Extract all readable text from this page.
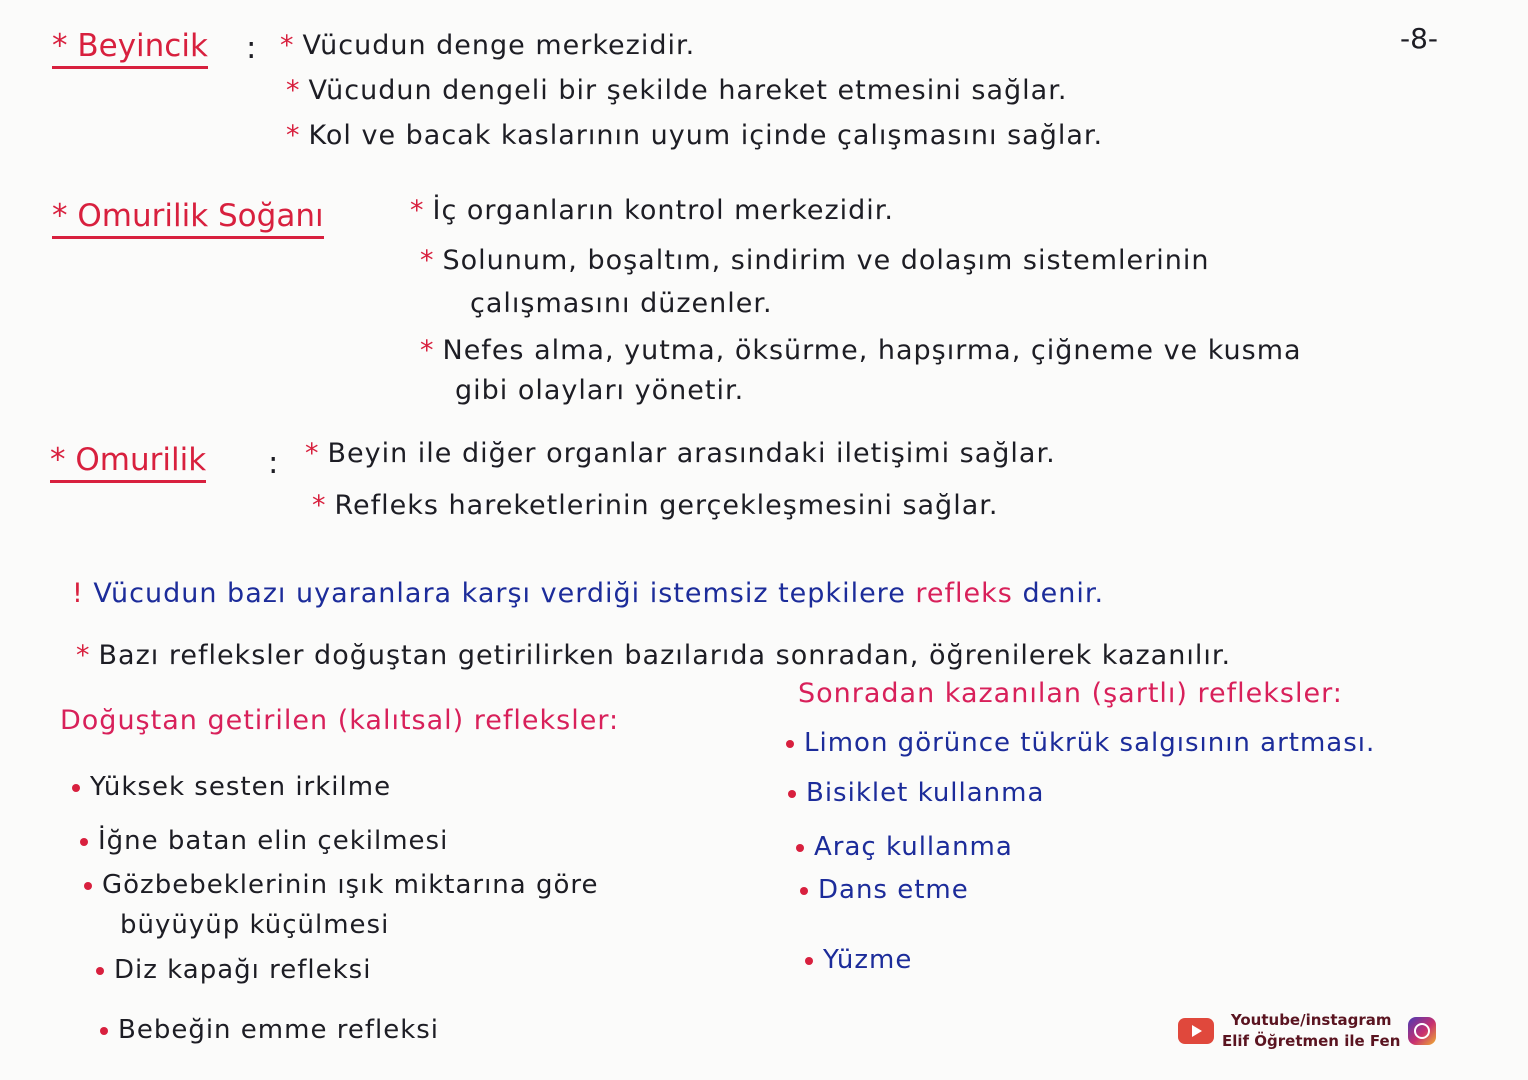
-8-
* Beyincik : * Vücudun denge merkezidir.
* Vücudun dengeli bir şekilde hareket etmesini sağlar.
* Kol ve bacak kaslarının uyum içinde çalışmasını sağlar.
* Omurilik Soğanı	* İç organların kontrol merkezidir.
* Solunum, boşaltım, sindirim ve dolaşım sistemlerinin
çalışmasını düzenler.
* Nefes alma, yutma, öksürme, hapşırma, çiğneme ve kusma
gibi olayları yönetir.
* Omurilik : * Beyin ile diğer organlar arasındaki iletişimi sağlar.
* Refleks hareketlerinin gerçekleşmesini sağlar.
! Vücudun bazı uyaranlara karşı verdiği istemsiz tepkilere refleks denir.
* Bazı refleksler doğuştan getirilirken bazılarıda sonradan, öğrenilerek kazanılır.
Doğuştan getirilen (kalıtsal) refleksler:
Yüksek sesten irkilme
İğne batan elin çekilmesi
Gözbebeklerinin ışık miktarına göre
büyüyüp küçülmesi
Diz kapağı refleksi
Bebeğin emme refleksi
Sonradan kazanılan (şartlı) refleksler:
Limon görünce tükrük salgısının artması.
Bisiklet kullanma
Araç kullanma
Dans etme
Yüzme
Youtube/instagram
Elif Öğretmen ile Fen
